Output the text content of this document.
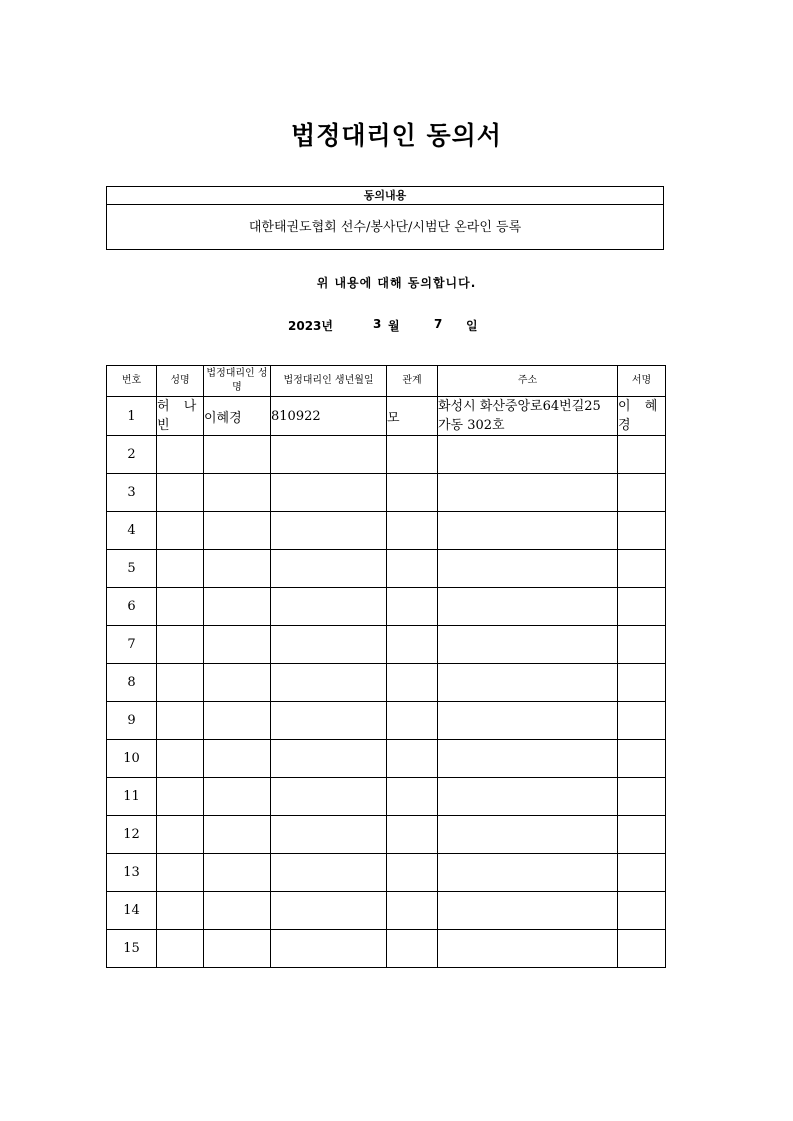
법정대리인 동의서
동의내용
대한태권도협회 선수/봉사단/시범단 온라인 등록
위 내용에 대해 동의합니다.
2023년	3 월	7 일
번호	성명	법정대리인 성명	법정대리인 생년월일	관계	주소	서명
1	허 나 빈	이혜경	810922	모	화성시 화산중앙로64번길25 가동 302호	이 혜 경
2						
3						
4						
5						
6						
7						
8						
9						
10						
11						
12						
13						
14						
15						
